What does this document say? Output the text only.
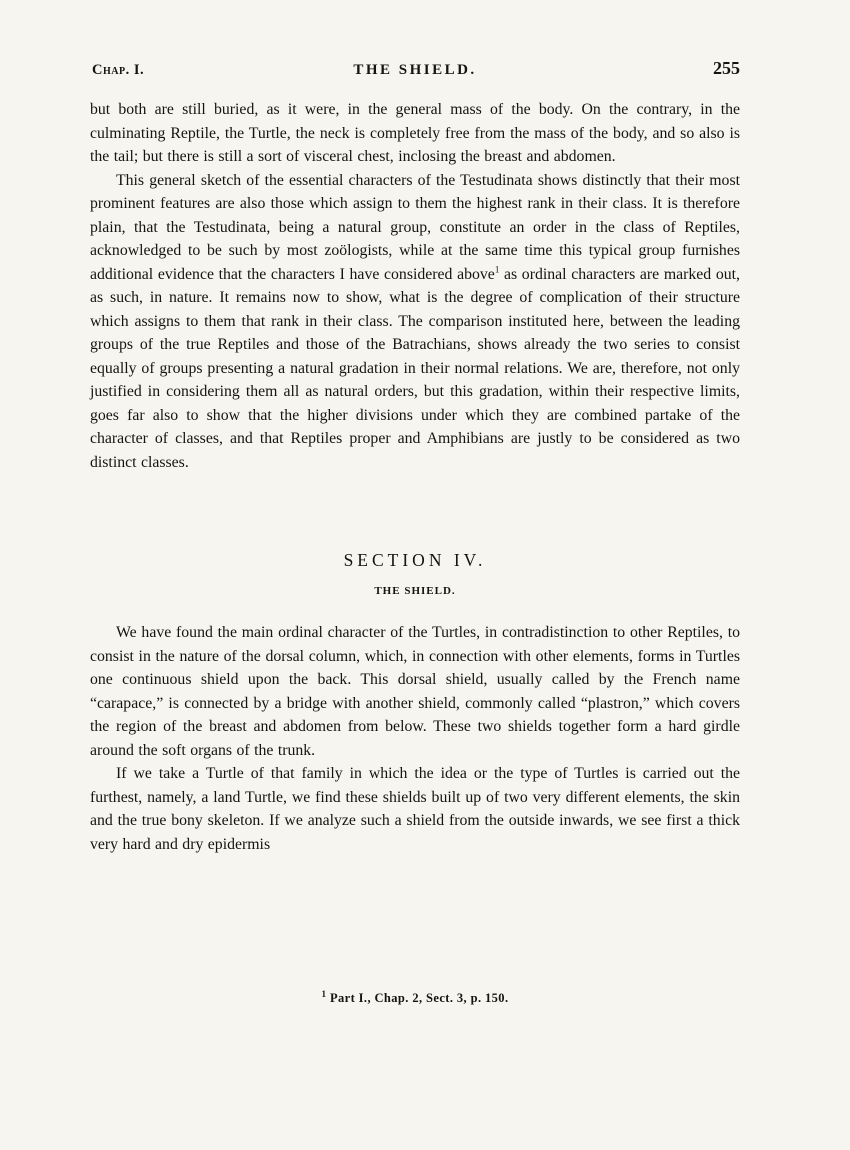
Chap. I.	THE SHIELD.	255

but both are still buried, as it were, in the general mass of the body. On the contrary, in the culminating Reptile, the Turtle, the neck is completely free from the mass of the body, and so also is the tail; but there is still a sort of visceral chest, inclosing the breast and abdomen.

This general sketch of the essential characters of the Testudinata shows distinctly that their most prominent features are also those which assign to them the highest rank in their class. It is therefore plain, that the Testudinata, being a natural group, constitute an order in the class of Reptiles, acknowledged to be such by most zoölogists, while at the same time this typical group furnishes additional evidence that the characters I have considered above$^1$ as ordinal characters are marked out, as such, in nature. It remains now to show, what is the degree of complication of their structure which assigns to them that rank in their class. The comparison instituted here, between the leading groups of the true Reptiles and those of the Batrachians, shows already the two series to consist equally of groups presenting a natural gradation in their normal relations. We are, therefore, not only justified in considering them all as natural orders, but this gradation, within their respective limits, goes far also to show that the higher divisions under which they are combined partake of the character of classes, and that Reptiles proper and Amphibians are justly to be considered as two distinct classes.

SECTION IV.
THE SHIELD.

We have found the main ordinal character of the Turtles, in contradistinction to other Reptiles, to consist in the nature of the dorsal column, which, in connection with other elements, forms in Turtles one continuous shield upon the back. This dorsal shield, usually called by the French name “carapace,” is connected by a bridge with another shield, commonly called “plastron,” which covers the region of the breast and abdomen from below. These two shields together form a hard girdle around the soft organs of the trunk.

If we take a Turtle of that family in which the idea or the type of Turtles is carried out the furthest, namely, a land Turtle, we find these shields built up of two very different elements, the skin and the true bony skeleton. If we analyze such a shield from the outside inwards, we see first a thick very hard and dry epidermis

$^1$ Part I., Chap. 2, Sect. 3, p. 150.
